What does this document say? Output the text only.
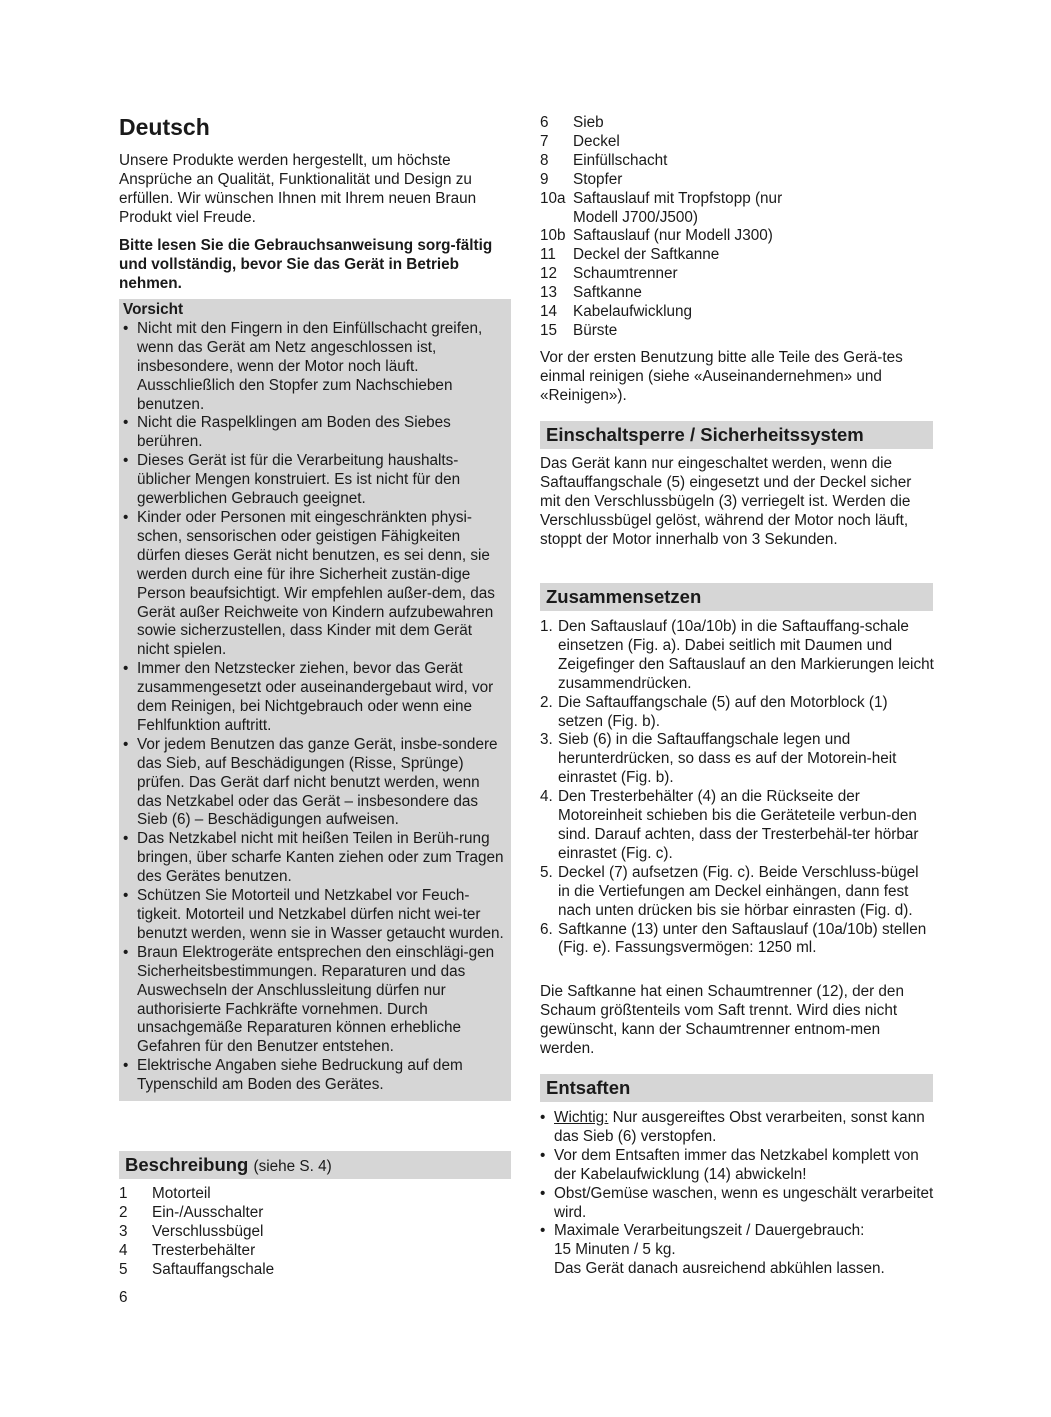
Deutsch

Unsere Produkte werden hergestellt, um höchste Ansprüche an Qualität, Funktionalität und Design zu erfüllen. Wir wünschen Ihnen mit Ihrem neuen Braun Produkt viel Freude.

Bitte lesen Sie die Gebrauchsanweisung sorg-fältig und vollständig, bevor Sie das Gerät in Betrieb nehmen.

Vorsicht
• Nicht mit den Fingern in den Einfüllschacht greifen, wenn das Gerät am Netz angeschlossen ist, insbesondere, wenn der Motor noch läuft. Ausschließlich den Stopfer zum Nachschieben benutzen.
• Nicht die Raspelklingen am Boden des Siebes berühren.
• Dieses Gerät ist für die Verarbeitung haushalts-üblicher Mengen konstruiert. Es ist nicht für den gewerblichen Gebrauch geeignet.
• Kinder oder Personen mit eingeschränkten physi-schen, sensorischen oder geistigen Fähigkeiten dürfen dieses Gerät nicht benutzen, es sei denn, sie werden durch eine für ihre Sicherheit zustän-dige Person beaufsichtigt. Wir empfehlen außer-dem, das Gerät außer Reichweite von Kindern aufzubewahren sowie sicherzustellen, dass Kinder mit dem Gerät nicht spielen.
• Immer den Netzstecker ziehen, bevor das Gerät zusammengesetzt oder auseinandergebaut wird, vor dem Reinigen, bei Nichtgebrauch oder wenn eine Fehlfunktion auftritt.
• Vor jedem Benutzen das ganze Gerät, insbe-sondere das Sieb, auf Beschädigungen (Risse, Sprünge) prüfen. Das Gerät darf nicht benutzt werden, wenn das Netzkabel oder das Gerät – insbesondere das Sieb (6) – Beschädigungen aufweisen.
• Das Netzkabel nicht mit heißen Teilen in Berüh-rung bringen, über scharfe Kanten ziehen oder zum Tragen des Gerätes benutzen.
• Schützen Sie Motorteil und Netzkabel vor Feuch-tigkeit. Motorteil und Netzkabel dürfen nicht wei-ter benutzt werden, wenn sie in Wasser getaucht wurden.
• Braun Elektrogeräte entsprechen den einschlägi-gen Sicherheitsbestimmungen. Reparaturen und das Auswechseln der Anschlussleitung dürfen nur authorisierte Fachkräfte vornehmen. Durch unsachgemäße Reparaturen können erhebliche Gefahren für den Benutzer entstehen.
• Elektrische Angaben siehe Bedruckung auf dem Typenschild am Boden des Gerätes.
Beschreibung (siehe S. 4)
1	Motorteil
2	Ein-/Ausschalter
3	Verschlussbügel
4	Tresterbehälter
5	Saftauffangschale
6
6	Sieb
7	Deckel
8	Einfüllschacht
9	Stopfer
10a Saftauslauf mit Tropfstopp (nur Modell J700/J500)
10b Saftauslauf (nur Modell J300)
11	Deckel der Saftkanne
12	Schaumtrenner
13	Saftkanne
14	Kabelaufwicklung
15	Bürste

Vor der ersten Benutzung bitte alle Teile des Gerä-tes einmal reinigen (siehe «Auseinandernehmen» und «Reinigen»).

Einschaltsperre / Sicherheitssystem

Das Gerät kann nur eingeschaltet werden, wenn die Saftauffangschale (5) eingesetzt und der Deckel sicher mit den Verschlussbügeln (3) verriegelt ist. Werden die Verschlussbügel gelöst, während der Motor noch läuft, stoppt der Motor innerhalb von 3 Sekunden.

Zusammensetzen
1. Den Saftauslauf (10a/10b) in die Saftauffang-schale einsetzen (Fig. a). Dabei seitlich mit Daumen und Zeigefinger den Saftauslauf an den Markierungen leicht zusammendrücken.
2. Die Saftauffangschale (5) auf den Motorblock (1) setzen (Fig. b).
3. Sieb (6) in die Saftauffangschale legen und herunterdrücken, so dass es auf der Motorein-heit einrastet (Fig. b).
4. Den Tresterbehälter (4) an die Rückseite der Motoreinheit schieben bis die Geräteteile verbun-den sind. Darauf achten, dass der Tresterbehäl-ter hörbar einrastet (Fig. c).
5. Deckel (7) aufsetzen (Fig. c). Beide Verschluss-bügel in die Vertiefungen am Deckel einhängen, dann fest nach unten drücken bis sie hörbar einrasten (Fig. d).
6. Saftkanne (13) unter den Saftauslauf (10a/10b) stellen (Fig. e). Fassungsvermögen: 1250 ml.

Die Saftkanne hat einen Schaumtrenner (12), der den Schaum größtenteils vom Saft trennt. Wird dies nicht gewünscht, kann der Schaumtrenner entnom-men werden.

Entsaften
• Wichtig: Nur ausgereiftes Obst verarbeiten, sonst kann das Sieb (6) verstopfen.
• Vor dem Entsaften immer das Netzkabel komplett von der Kabelaufwicklung (14) abwickeln!
• Obst/Gemüse waschen, wenn es ungeschält verarbeitet wird.
• Maximale Verarbeitungszeit / Dauergebrauch:
15 Minuten / 5 kg.
Das Gerät danach ausreichend abkühlen lassen.
